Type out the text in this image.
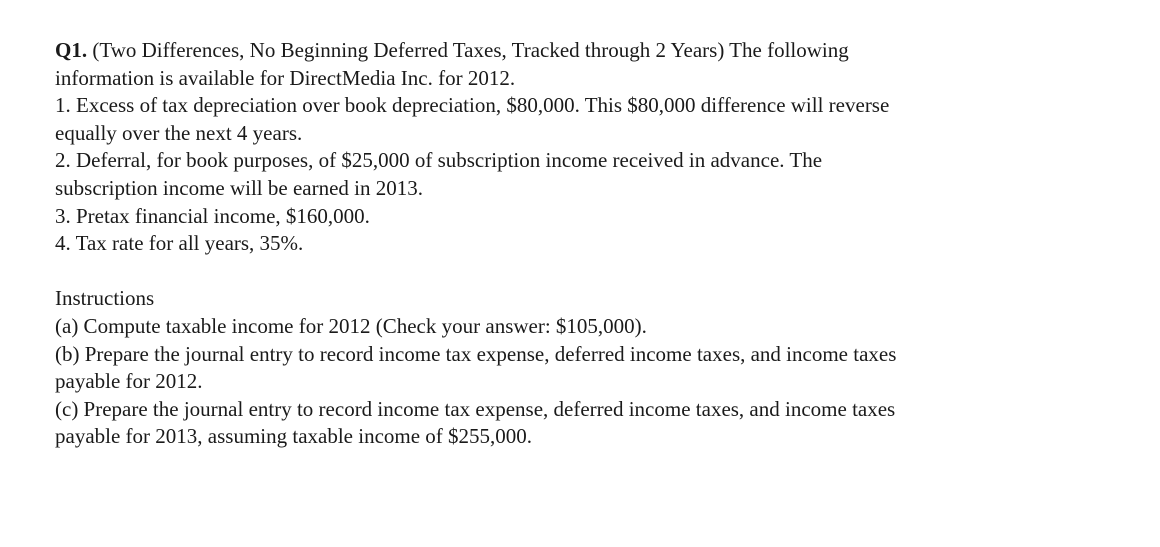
Q1. (Two Differences, No Beginning Deferred Taxes, Tracked through 2 Years) The following
information is available for DirectMedia Inc. for 2012.
1. Excess of tax depreciation over book depreciation, $80,000. This $80,000 difference will reverse
equally over the next 4 years.
2. Deferral, for book purposes, of $25,000 of subscription income received in advance. The
subscription income will be earned in 2013.
3. Pretax financial income, $160,000.
4. Tax rate for all years, 35%.
Instructions
(a) Compute taxable income for 2012 (Check your answer: $105,000).
(b) Prepare the journal entry to record income tax expense, deferred income taxes, and income taxes
payable for 2012.
(c) Prepare the journal entry to record income tax expense, deferred income taxes, and income taxes
payable for 2013, assuming taxable income of $255,000.
